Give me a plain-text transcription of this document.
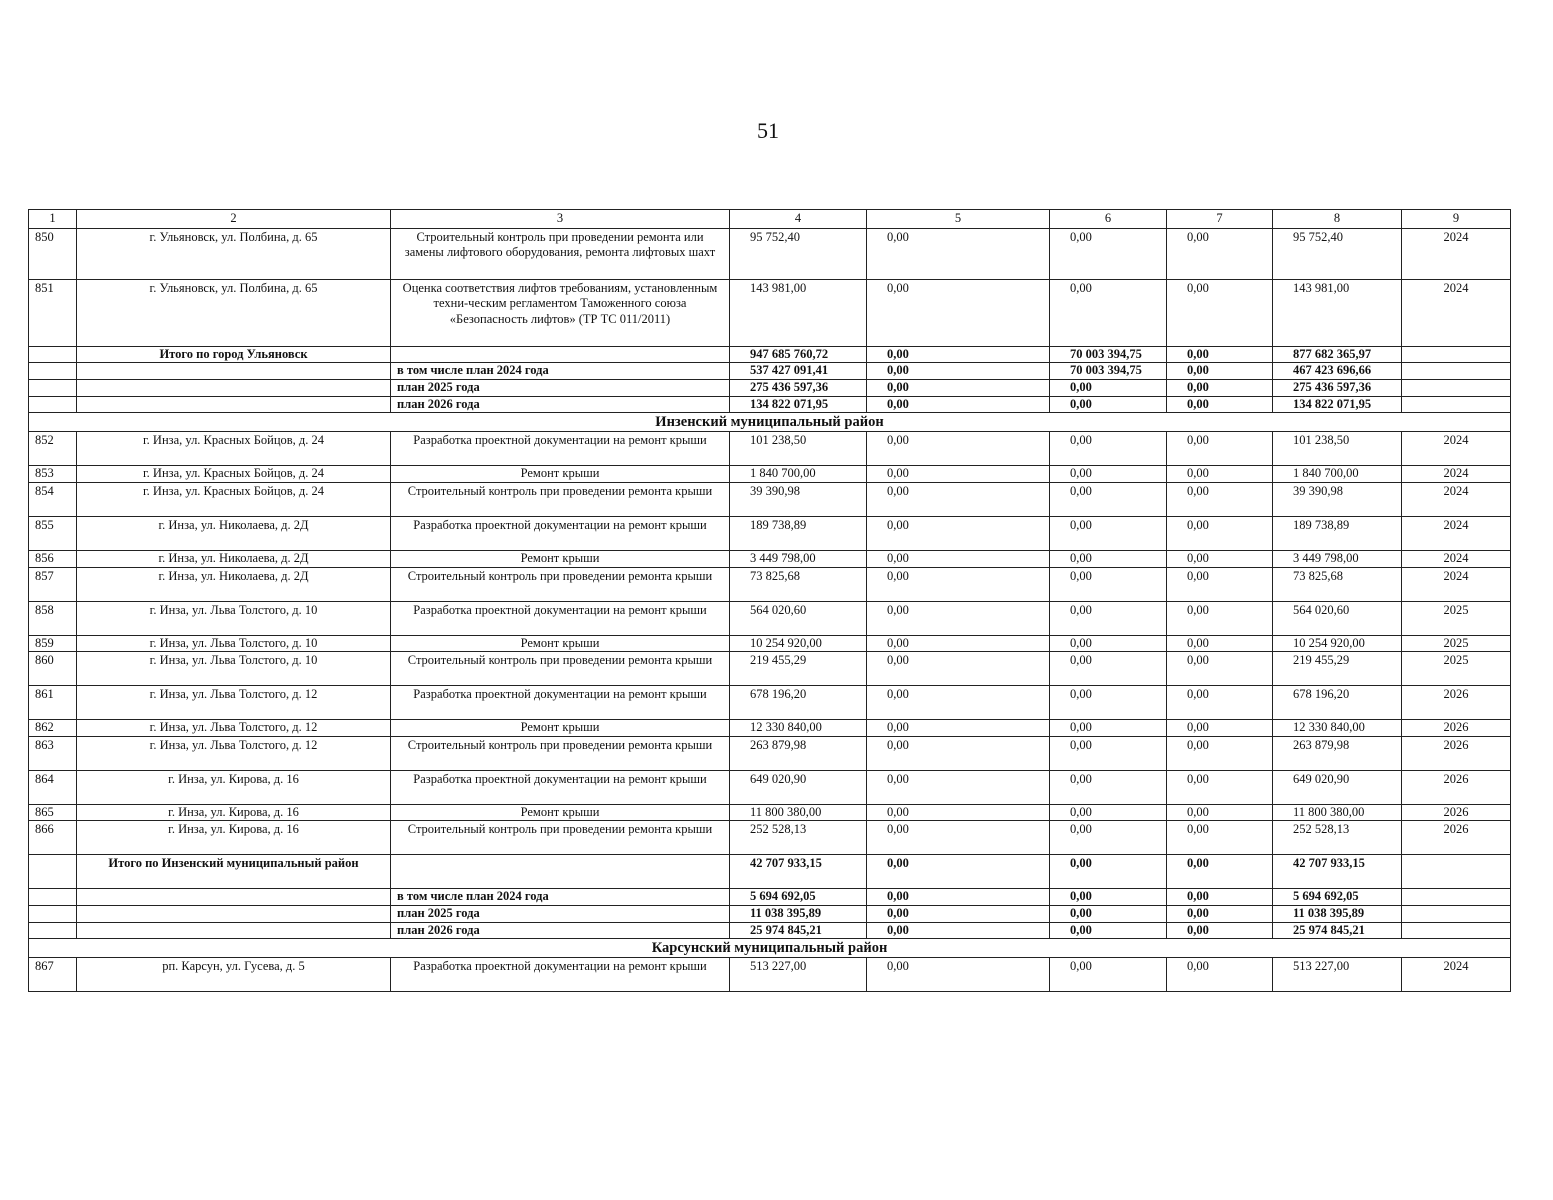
51
1	2	3	4	5	6	7	8	9
850	г. Ульяновск, ул. Полбина, д. 65	Строительный контроль при проведении ремонта или замены лифтового оборудования, ремонта лифтовых шахт	95 752,40	0,00	0,00	0,00	95 752,40	2024
851	г. Ульяновск, ул. Полбина, д. 65	Оценка соответствия лифтов требованиям, установленным техни-ческим регламентом Таможенного союза «Безопасность лифтов» (ТР ТС 011/2011)	143 981,00	0,00	0,00	0,00	143 981,00	2024
	Итого по город Ульяновск		947 685 760,72	0,00	70 003 394,75	0,00	877 682 365,97	
		в том числе план 2024 года	537 427 091,41	0,00	70 003 394,75	0,00	467 423 696,66	
		план 2025 года	275 436 597,36	0,00	0,00	0,00	275 436 597,36	
		план 2026 года	134 822 071,95	0,00	0,00	0,00	134 822 071,95	
Инзенский муниципальный район								
852	г. Инза, ул. Красных Бойцов, д. 24	Разработка проектной документации на ремонт крыши	101 238,50	0,00	0,00	0,00	101 238,50	2024
853	г. Инза, ул. Красных Бойцов, д. 24	Ремонт крыши	1 840 700,00	0,00	0,00	0,00	1 840 700,00	2024
854	г. Инза, ул. Красных Бойцов, д. 24	Строительный контроль при проведении ремонта крыши	39 390,98	0,00	0,00	0,00	39 390,98	2024
855	г. Инза, ул. Николаева, д. 2Д	Разработка проектной документации на ремонт крыши	189 738,89	0,00	0,00	0,00	189 738,89	2024
856	г. Инза, ул. Николаева, д. 2Д	Ремонт крыши	3 449 798,00	0,00	0,00	0,00	3 449 798,00	2024
857	г. Инза, ул. Николаева, д. 2Д	Строительный контроль при проведении ремонта крыши	73 825,68	0,00	0,00	0,00	73 825,68	2024
858	г. Инза, ул. Льва Толстого, д. 10	Разработка проектной документации на ремонт крыши	564 020,60	0,00	0,00	0,00	564 020,60	2025
859	г. Инза, ул. Льва Толстого, д. 10	Ремонт крыши	10 254 920,00	0,00	0,00	0,00	10 254 920,00	2025
860	г. Инза, ул. Льва Толстого, д. 10	Строительный контроль при проведении ремонта крыши	219 455,29	0,00	0,00	0,00	219 455,29	2025
861	г. Инза, ул. Льва Толстого, д. 12	Разработка проектной документации на ремонт крыши	678 196,20	0,00	0,00	0,00	678 196,20	2026
862	г. Инза, ул. Льва Толстого, д. 12	Ремонт крыши	12 330 840,00	0,00	0,00	0,00	12 330 840,00	2026
863	г. Инза, ул. Льва Толстого, д. 12	Строительный контроль при проведении ремонта крыши	263 879,98	0,00	0,00	0,00	263 879,98	2026
864	г. Инза, ул. Кирова, д. 16	Разработка проектной документации на ремонт крыши	649 020,90	0,00	0,00	0,00	649 020,90	2026
865	г. Инза, ул. Кирова, д. 16	Ремонт крыши	11 800 380,00	0,00	0,00	0,00	11 800 380,00	2026
866	г. Инза, ул. Кирова, д. 16	Строительный контроль при проведении ремонта крыши	252 528,13	0,00	0,00	0,00	252 528,13	2026
	Итого по Инзенский муниципальный район		42 707 933,15	0,00	0,00	0,00	42 707 933,15	
		в том числе план 2024 года	5 694 692,05	0,00	0,00	0,00	5 694 692,05	
		план 2025 года	11 038 395,89	0,00	0,00	0,00	11 038 395,89	
		план 2026 года	25 974 845,21	0,00	0,00	0,00	25 974 845,21	
Карсунский муниципальный район								
867	рп. Карсун, ул. Гусева, д. 5	Разработка проектной документации на ремонт крыши	513 227,00	0,00	0,00	0,00	513 227,00	2024
